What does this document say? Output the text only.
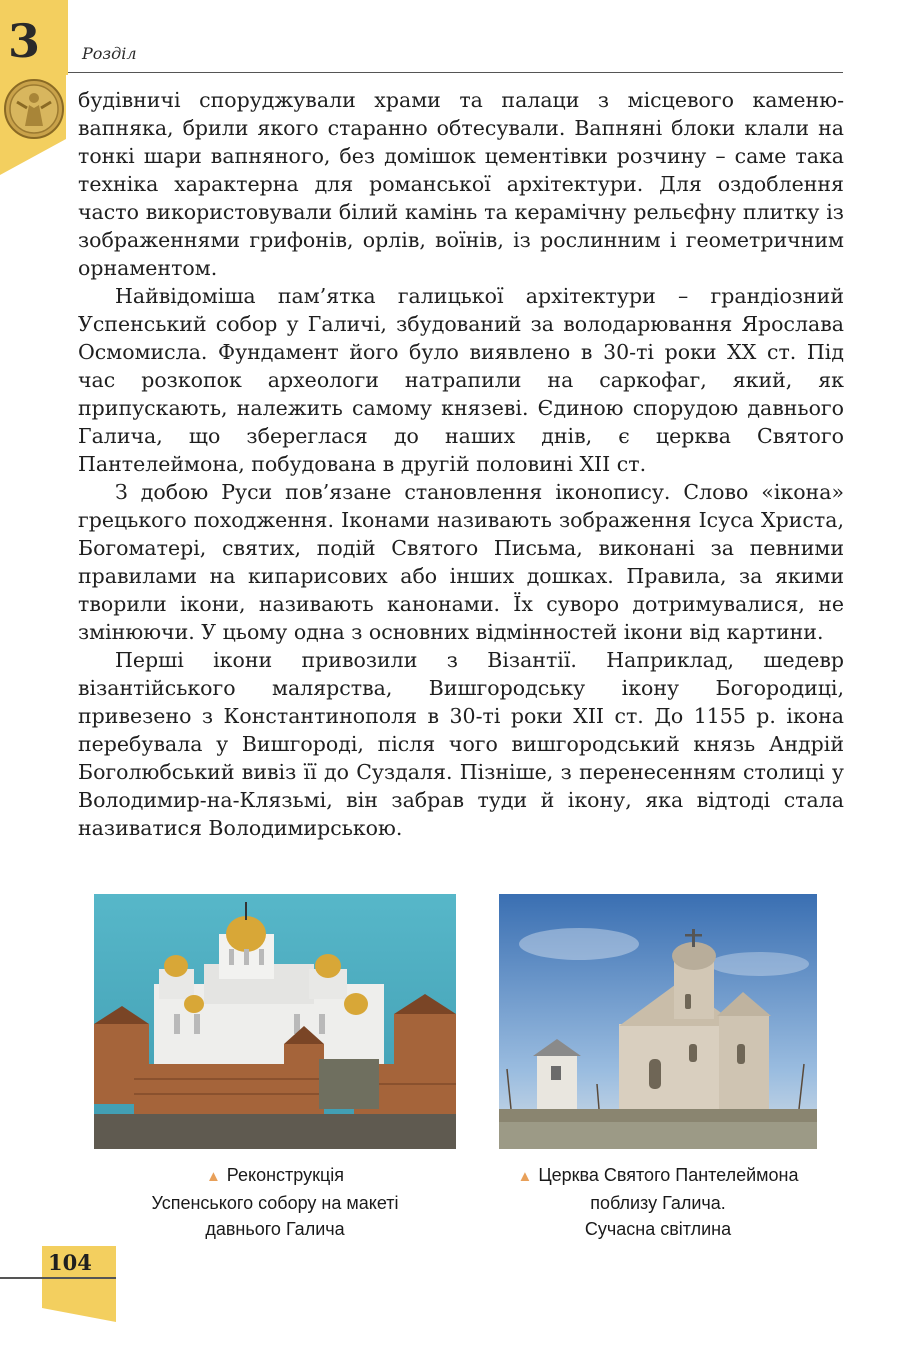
3	Розділ

будівничі споруджували храми та палаци з місцевого каменю-вапняка, брили якого старанно обтесували. Вапняні блоки клали на тонкі шари вапняного, без домішок цементівки розчину – саме така техніка характерна для романської архітектури. Для оздоблення часто використовували білий камінь та керамічну рельєфну плитку із зображеннями грифонів, орлів, воїнів, із рослинним і геометричним орнаментом.

Найвідоміша пам’ятка галицької архітектури – грандіозний Успенський собор у Галичі, збудований за володарювання Ярослава Осмомисла. Фундамент його було виявлено в 30-ті роки XX ст. Під час розкопок археологи натрапили на саркофаг, який, як припускають, належить самому князеві. Єдиною спорудою давнього Галича, що збереглася до наших днів, є церква Святого Пантелеймона, побудована в другій половині XII ст.

З добою Руси пов’язане становлення іконопису. Слово «ікона» грецького походження. Іконами називають зображення Ісуса Христа, Богоматері, святих, подій Святого Письма, виконані за певними правилами на кипарисових або інших дошках. Правила, за якими творили ікони, називають канонами. Їх суворо дотримувалися, не змінюючи. У цьому одна з основних відмінностей ікони від картини.

Перші ікони привозили з Візантії. Наприклад, шедевр візантійського малярства, Вишгородську ікону Богородиці, привезено з Константинополя в 30-ті роки XII ст. До 1155 р. ікона перебувала у Вишгороді, після чого вишгородський князь Андрій Боголюбський вивіз її до Суздаля. Пізніше, з перенесенням столиці у Володимир-на-Клязьмі, він забрав туди й ікону, яка відтоді стала називатися Володимирською.

▲ Реконструкція
Успенського собору на макеті
давнього Галича
▲ Церква Святого Пантелеймона
поблизу Галича.
Сучасна світлина
104
